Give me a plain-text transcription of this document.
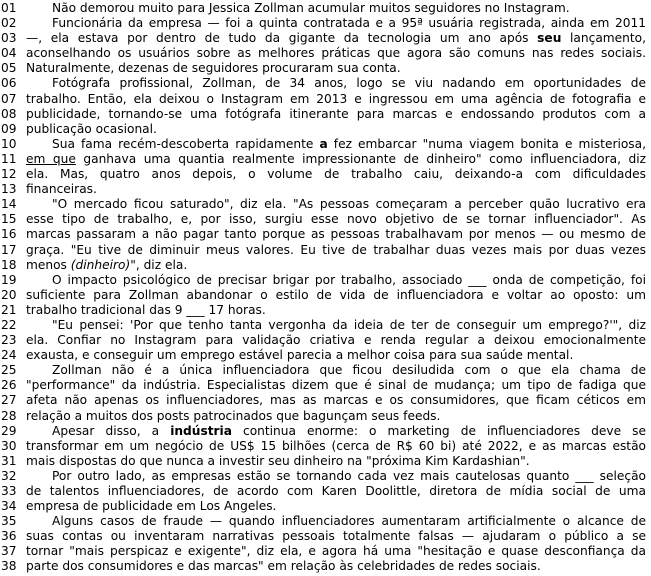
01	Não demorou muito para Jessica Zollman acumular muitos seguidores no Instagram.
02	Funcionária da empresa — foi a quinta contratada e a 95ª usuária registrada, ainda em 2011
03 —, ela estava por dentro de tudo da gigante da tecnologia um ano após seu lançamento,
04 aconselhando os usuários sobre as melhores práticas que agora são comuns nas redes sociais.
05 Naturalmente, dezenas de seguidores procuraram sua conta.
06	Fotógrafa profissional, Zollman, de 34 anos, logo se viu nadando em oportunidades de
07 trabalho. Então, ela deixou o Instagram em 2013 e ingressou em uma agência de fotografia e
08 publicidade, tornando-se uma fotógrafa itinerante para marcas e endossando produtos com a
09 publicação ocasional.
10	Sua fama recém-descoberta rapidamente a fez embarcar "numa viagem bonita e misteriosa,
11 em que ganhava uma quantia realmente impressionante de dinheiro" como influenciadora, diz
12 ela. Mas, quatro anos depois, o volume de trabalho caiu, deixando-a com dificuldades
13 financeiras.
14	"O mercado ficou saturado", diz ela. "As pessoas começaram a perceber quão lucrativo era
15 esse tipo de trabalho, e, por isso, surgiu esse novo objetivo de se tornar influenciador". As
16 marcas passaram a não pagar tanto porque as pessoas trabalhavam por menos — ou mesmo de
17 graça. "Eu tive de diminuir meus valores. Eu tive de trabalhar duas vezes mais por duas vezes
18 menos (dinheiro)", diz ela.
19	O impacto psicológico de precisar brigar por trabalho, associado ___ onda de competição, foi
20 suficiente para Zollman abandonar o estilo de vida de influenciadora e voltar ao oposto: um
21 trabalho tradicional das 9 ___ 17 horas.
22	"Eu pensei: 'Por que tenho tanta vergonha da ideia de ter de conseguir um emprego?'", diz
23 ela. Confiar no Instagram para validação criativa e renda regular a deixou emocionalmente
24 exausta, e conseguir um emprego estável parecia a melhor coisa para sua saúde mental.
25	Zollman não é a única influenciadora que ficou desiludida com o que ela chama de
26 "performance" da indústria. Especialistas dizem que é sinal de mudança; um tipo de fadiga que
27 afeta não apenas os influenciadores, mas as marcas e os consumidores, que ficam céticos em
28 relação a muitos dos posts patrocinados que bagunçam seus feeds.
29	Apesar disso, a indústria continua enorme: o marketing de influenciadores deve se
30 transformar em um negócio de US$ 15 bilhões (cerca de R$ 60 bi) até 2022, e as marcas estão
31 mais dispostas do que nunca a investir seu dinheiro na "próxima Kim Kardashian".
32	Por outro lado, as empresas estão se tornando cada vez mais cautelosas quanto ___ seleção
33 de talentos influenciadores, de acordo com Karen Doolittle, diretora de mídia social de uma
34 empresa de publicidade em Los Angeles.
35	Alguns casos de fraude — quando influenciadores aumentaram artificialmente o alcance de
36 suas contas ou inventaram narrativas pessoais totalmente falsas — ajudaram o público a se
37 tornar "mais perspicaz e exigente", diz ela, e agora há uma "hesitação e quase desconfiança da
38 parte dos consumidores e das marcas" em relação às celebridades de redes sociais.
